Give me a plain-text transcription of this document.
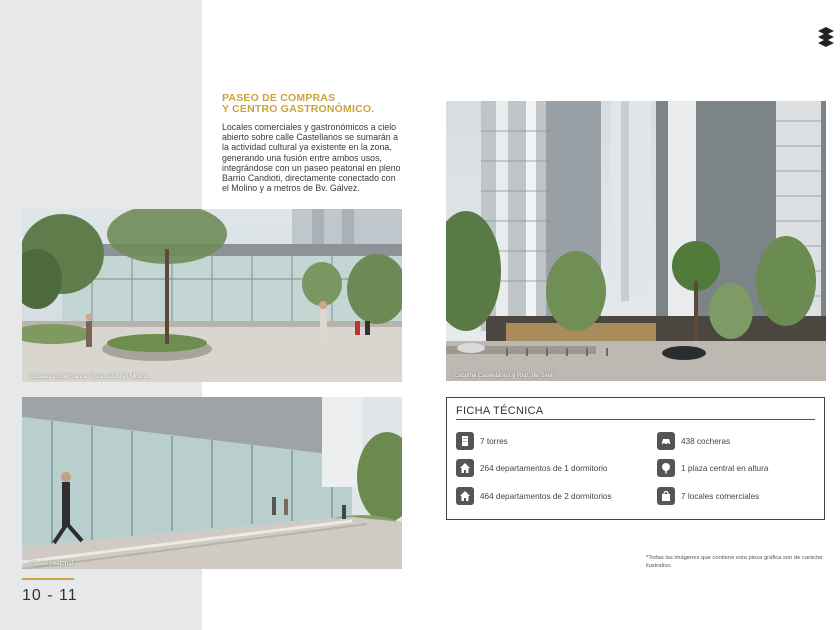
PASEO DE COMPRAS
Y CENTRO GASTRONÓMICO.

Locales comerciales y gastronómicos a cielo abierto sobre calle Castellanos se sumarán a la actividad cultural ya existente en la zona, generando una fusión entre ambos usos, integrándose con un paseo peatonal en pleno Barrio Candioti, directamente conectado con el Molino y a metros de Bv. Gálvez.

Locales comerciales. Vista desde el Molino.
Paseo peatonal
Esquina Castellanos y Rep. de Siria
FICHA TÉCNICA
7 torres	438 cocheras
264 departamentos de 1 dormitorio	1 plaza central en altura
464 departamentos de 2 dormitorios	7 locales comerciales
*Todas las imágenes que contiene esta pieza gráfica son de carácter ilustrativo.
10 - 11
